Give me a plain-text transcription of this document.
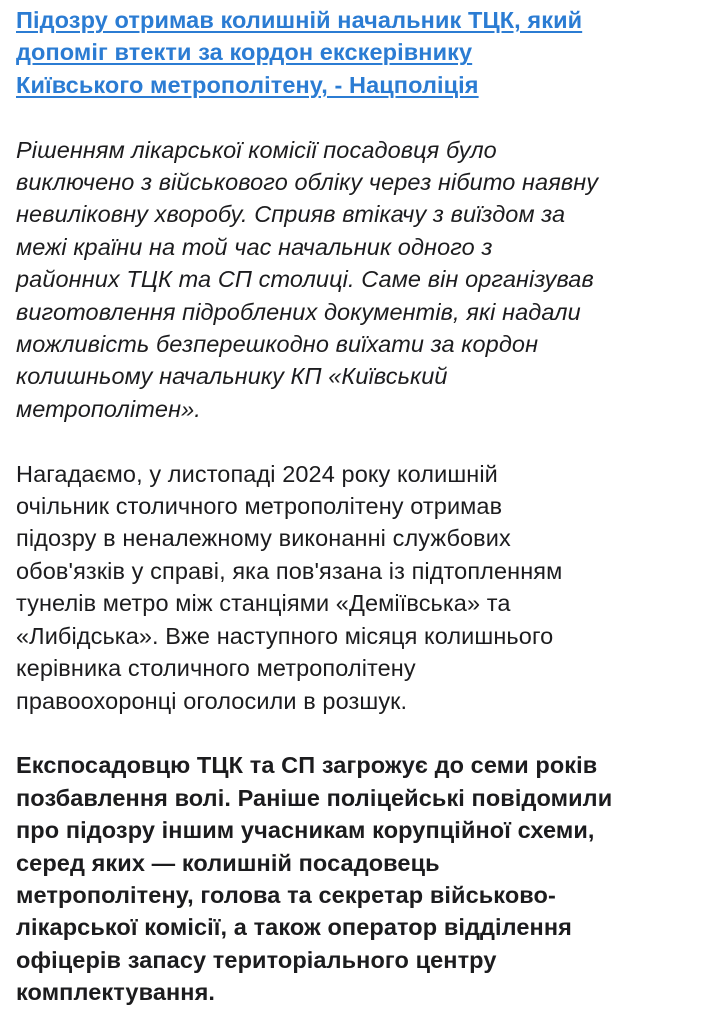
Підозру отримав колишній начальник ТЦК, який
допоміг втекти за кордон екскерівнику
Київського метрополітену, - Нацполіція

Рішенням лікарської комісії посадовця було
виключено з військового обліку через нібито наявну
невиліковну хворобу. Сприяв втікачу з виїздом за
межі країни на той час начальник одного з
районних ТЦК та СП столиці. Саме він організував
виготовлення підроблених документів, які надали
можливість безперешкодно виїхати за кордон
колишньому начальнику КП «Київський
метрополітен».

Нагадаємо, у листопаді 2024 року колишній
очільник столичного метрополітену отримав
підозру в неналежному виконанні службових
обов'язків у справі, яка пов'язана із підтопленням
тунелів метро між станціями «Деміївська» та
«Либідська». Вже наступного місяця колишнього
керівника столичного метрополітену
правоохоронці оголосили в розшук.

Експосадовцю ТЦК та СП загрожує до семи років
позбавлення волі. Раніше поліцейські повідомили
про підозру іншим учасникам корупційної схеми,
серед яких — колишній посадовець
метрополітену, голова та секретар військово-
лікарської комісії, а також оператор відділення
офіцерів запасу територіального центру
комплектування.
